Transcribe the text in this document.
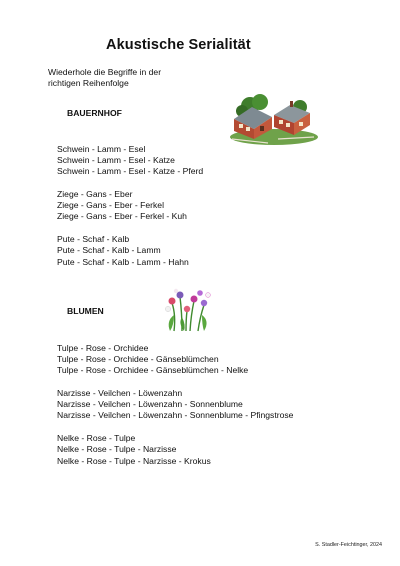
Akustische Serialität
Wiederhole die Begriffe in der
richtigen Reihenfolge
BAUERNHOF
Schwein - Lamm - Esel
Schwein - Lamm - Esel - Katze
Schwein - Lamm - Esel - Katze - Pferd
Ziege - Gans - Eber
Ziege - Gans - Eber - Ferkel
Ziege - Gans - Eber - Ferkel - Kuh
Pute - Schaf - Kalb
Pute - Schaf - Kalb - Lamm
Pute - Schaf - Kalb - Lamm - Hahn
BLUMEN
Tulpe - Rose - Orchidee
Tulpe - Rose - Orchidee - Gänseblümchen
Tulpe - Rose - Orchidee - Gänseblümchen - Nelke
Narzisse - Veilchen - Löwenzahn
Narzisse - Veilchen - Löwenzahn - Sonnenblume
Narzisse - Veilchen - Löwenzahn - Sonnenblume - Pfingstrose
Nelke - Rose - Tulpe
Nelke - Rose - Tulpe - Narzisse
Nelke - Rose - Tulpe - Narzisse - Krokus
S. Stadler-Feichtinger, 2024
